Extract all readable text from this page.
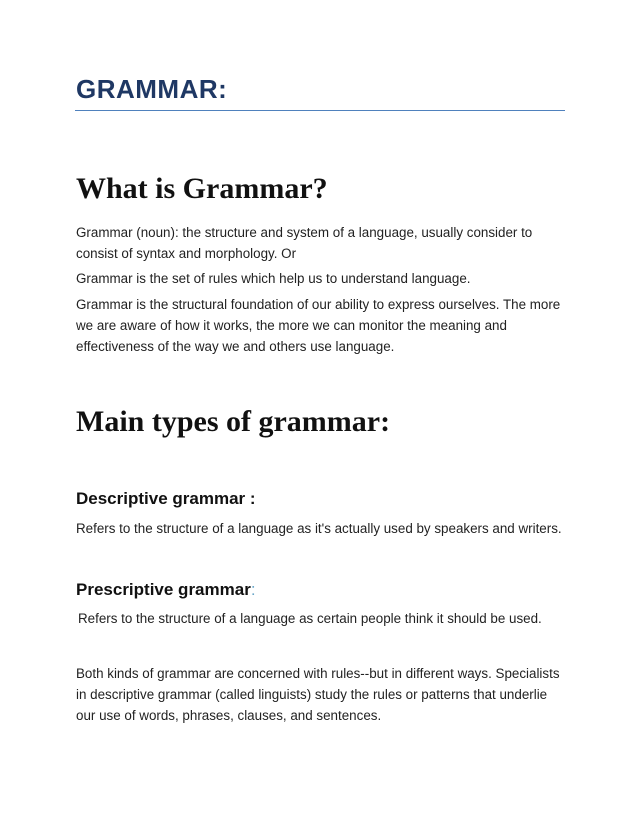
GRAMMAR:
What is Grammar?

Grammar (noun): the structure and system of a language, usually consider to consist of syntax and morphology. Or

Grammar is the set of rules which help us to understand language.

Grammar is the structural foundation of our ability to express ourselves. The more we are aware of how it works, the more we can monitor the meaning and effectiveness of the way we and others use language.

Main types of grammar:
Descriptive grammar :

Refers to the structure of a language as it's actually used by speakers and writers.

Prescriptive grammar:

Refers to the structure of a language as certain people think it should be used.

Both kinds of grammar are concerned with rules--but in different ways. Specialists in descriptive grammar (called linguists) study the rules or patterns that underlie our use of words, phrases, clauses, and sentences.
